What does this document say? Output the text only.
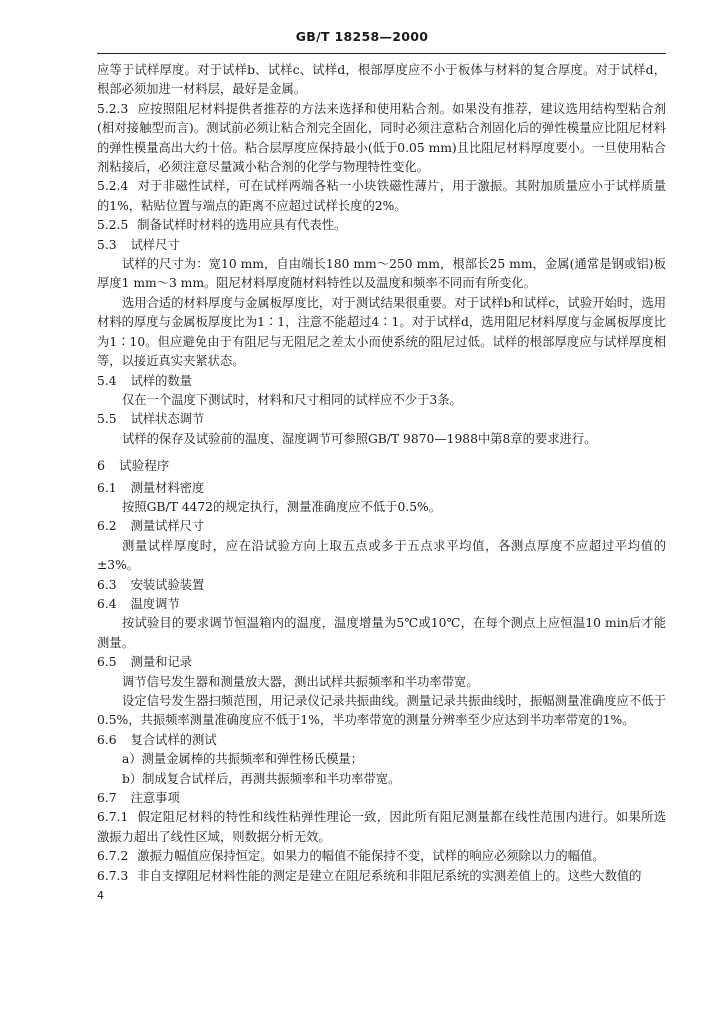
GB/T 18258—2000

应等于试样厚度。对于试样b、试样c、试样d，根部厚度应不小于板体与材料的复合厚度。对于试样d，根部必须加进一材料层，最好是金属。

5.2.3 应按照阻尼材料提供者推荐的方法来选择和使用粘合剂。如果没有推荐，建议选用结构型粘合剂(相对接触型而言)。测试前必须让粘合剂完全固化，同时必须注意粘合剂固化后的弹性模量应比阻尼材料的弹性模量高出大约十倍。粘合层厚度应保持最小(低于0.05 mm)且比阻尼材料厚度要小。一旦使用粘合剂粘接后，必须注意尽量减小粘合剂的化学与物理特性变化。

5.2.4 对于非磁性试样，可在试样两端各粘一小块铁磁性薄片，用于激振。其附加质量应小于试样质量的1%，粘贴位置与端点的距离不应超过试样长度的2%。

5.2.5 制备试样时材料的选用应具有代表性。

5.3 试样尺寸

试样的尺寸为：宽10 mm，自由端长180 mm～250 mm，根部长25 mm，金属(通常是钢或铝)板厚度1 mm～3 mm。阻尼材料厚度随材料特性以及温度和频率不同而有所变化。

选用合适的材料厚度与金属板厚度比，对于测试结果很重要。对于试样b和试样c，试验开始时，选用材料的厚度与金属板厚度比为1∶1，注意不能超过4∶1。对于试样d，选用阻尼材料厚度与金属板厚度比为1∶10。但应避免由于有阻尼与无阻尼之差太小而使系统的阻尼过低。试样的根部厚度应与试样厚度相等，以接近真实夹紧状态。

5.4 试样的数量

仅在一个温度下测试时，材料和尺寸相同的试样应不少于3条。

5.5 试样状态调节

试样的保存及试验前的温度、湿度调节可参照GB/T 9870—1988中第8章的要求进行。

6 试验程序

6.1 测量材料密度

按照GB/T 4472的规定执行，测量准确度应不低于0.5%。

6.2 测量试样尺寸

测量试样厚度时，应在沿试验方向上取五点或多于五点求平均值，各测点厚度不应超过平均值的±3%。

6.3 安装试验装置

6.4 温度调节

按试验目的要求调节恒温箱内的温度，温度增量为5℃或10℃，在每个测点上应恒温10 min后才能测量。

6.5 测量和记录

调节信号发生器和测量放大器，测出试样共振频率和半功率带宽。

设定信号发生器扫频范围，用记录仪记录共振曲线。测量记录共振曲线时，振幅测量准确度应不低于0.5%，共振频率测量准确度应不低于1%，半功率带宽的测量分辨率至少应达到半功率带宽的1%。

6.6 复合试样的测试

a）测量金属棒的共振频率和弹性杨氏模量；

b）制成复合试样后，再测共振频率和半功率带宽。

6.7 注意事项

6.7.1 假定阻尼材料的特性和线性粘弹性理论一致，因此所有阻尼测量都在线性范围内进行。如果所选激振力超出了线性区域，则数据分析无效。

6.7.2 激振力幅值应保持恒定。如果力的幅值不能保持不变，试样的响应必须除以力的幅值。

6.7.3 非自支撑阻尼材料性能的测定是建立在阻尼系统和非阻尼系统的实测差值上的。这些大数值的

4
